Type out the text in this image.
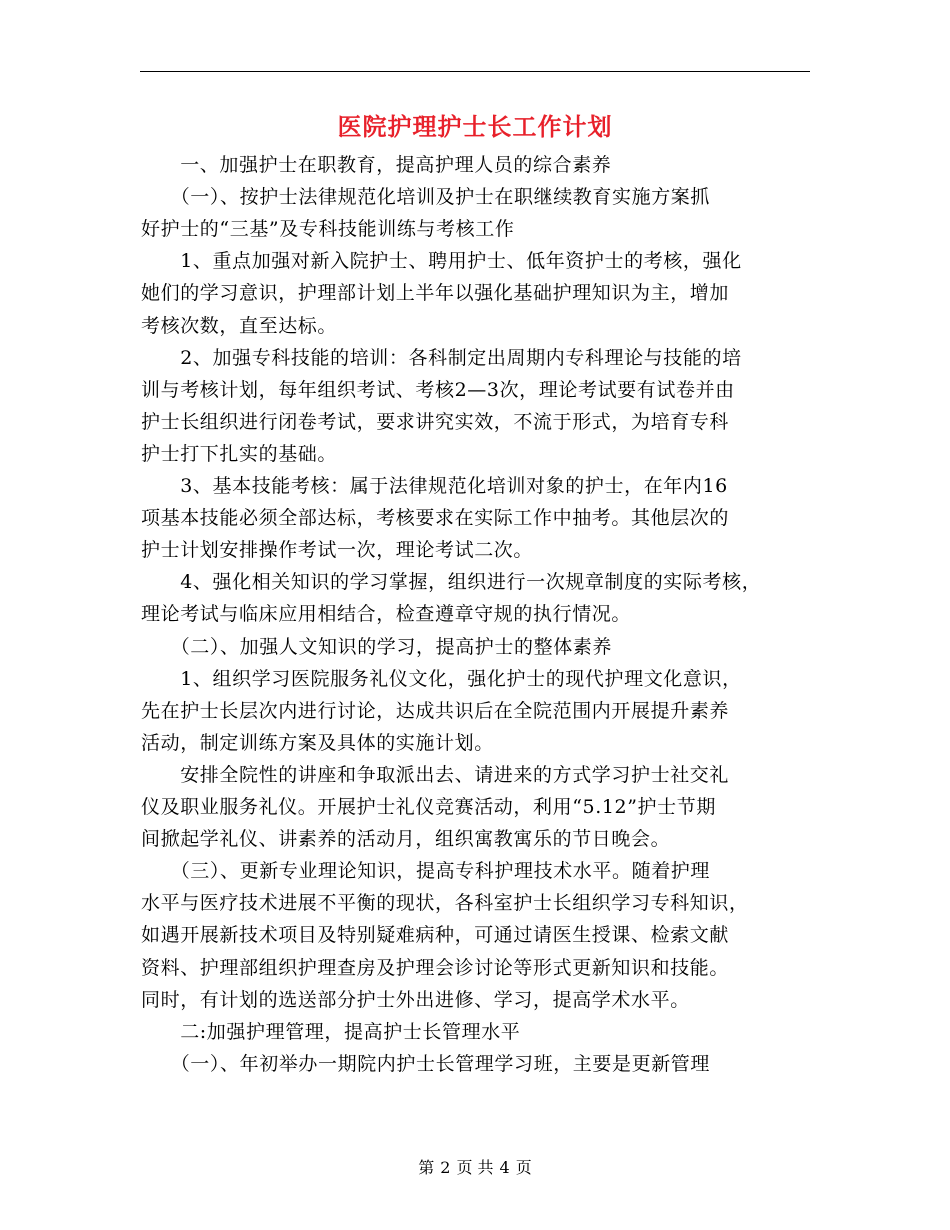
医院护理护士长工作计划
　　一、加强护士在职教育，提高护理人员的综合素养
　　（一）、按护士法律规范化培训及护士在职继续教育实施方案抓
好护士的“三基”及专科技能训练与考核工作
　　1、重点加强对新入院护士、聘用护士、低年资护士的考核，强化
她们的学习意识，护理部计划上半年以强化基础护理知识为主，增加
考核次数，直至达标。
　　2、加强专科技能的培训：各科制定出周期内专科理论与技能的培
训与考核计划，每年组织考试、考核2—3次，理论考试要有试卷并由
护士长组织进行闭卷考试，要求讲究实效，不流于形式，为培育专科
护士打下扎实的基础。
　　3、基本技能考核：属于法律规范化培训对象的护士，在年内16
项基本技能必须全部达标，考核要求在实际工作中抽考。其他层次的
护士计划安排操作考试一次，理论考试二次。
　　4、强化相关知识的学习掌握，组织进行一次规章制度的实际考核，
理论考试与临床应用相结合，检查遵章守规的执行情况。
　　（二）、加强人文知识的学习，提高护士的整体素养
　　1、组织学习医院服务礼仪文化，强化护士的现代护理文化意识，
先在护士长层次内进行讨论，达成共识后在全院范围内开展提升素养
活动，制定训练方案及具体的实施计划。
　　安排全院性的讲座和争取派出去、请进来的方式学习护士社交礼
仪及职业服务礼仪。开展护士礼仪竞赛活动，利用“5.12”护士节期
间掀起学礼仪、讲素养的活动月，组织寓教寓乐的节日晚会。
　　（三）、更新专业理论知识，提高专科护理技术水平。随着护理
水平与医疗技术进展不平衡的现状，各科室护士长组织学习专科知识，
如遇开展新技术项目及特别疑难病种，可通过请医生授课、检索文献
资料、护理部组织护理查房及护理会诊讨论等形式更新知识和技能。
同时，有计划的选送部分护士外出进修、学习，提高学术水平。
　　二:加强护理管理，提高护士长管理水平
　　（一）、年初举办一期院内护士长管理学习班，主要是更新管理
第 2 页 共 4 页
